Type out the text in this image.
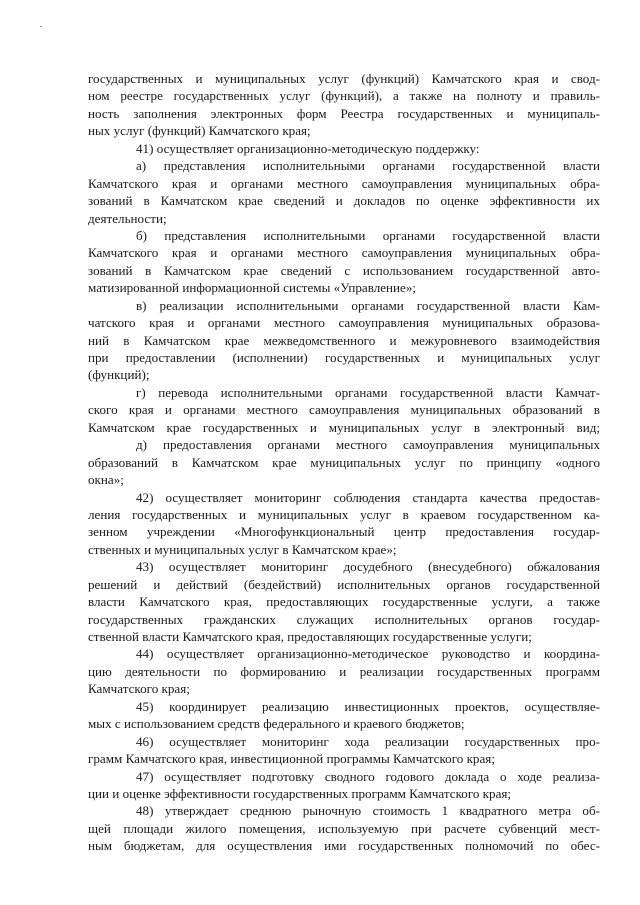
государственных и муниципальных услуг (функций) Камчатского края и свод-
ном реестре государственных услуг (функций), а также на полноту и правиль-
ность заполнения электронных форм Реестра государственных и муниципаль-
ных услуг (функций) Камчатского края;
41) осуществляет организационно-методическую поддержку:
а) представления исполнительными органами государственной власти
Камчатского края и органами местного самоуправления муниципальных обра-
зований в Камчатском крае сведений и докладов по оценке эффективности их
деятельности;
б) представления исполнительными органами государственной власти
Камчатского края и органами местного самоуправления муниципальных обра-
зований в Камчатском крае сведений с использованием государственной авто-
матизированной информационной системы «Управление»;
в) реализации исполнительными органами государственной власти Кам-
чатского края и органами местного самоуправления муниципальных образова-
ний в Камчатском крае межведомственного и межуровневого взаимодействия
при предоставлении (исполнении) государственных и муниципальных услуг
(функций);
г) перевода исполнительными органами государственной власти Камчат-
ского края и органами местного самоуправления муниципальных образований в
Камчатском крае государственных и муниципальных услуг в электронный вид;
д) предоставления органами местного самоуправления муниципальных
образований в Камчатском крае муниципальных услуг по принципу «одного
окна»;
42) осуществляет мониторинг соблюдения стандарта качества предостав-
ления государственных и муниципальных услуг в краевом государственном ка-
зенном учреждении «Многофункциональный центр предоставления государ-
ственных и муниципальных услуг в Камчатском крае»;
43) осуществляет мониторинг досудебного (внесудебного) обжалования
решений и действий (бездействий) исполнительных органов государственной
власти Камчатского края, предоставляющих государственные услуги, а также
государственных гражданских служащих исполнительных органов государ-
ственной власти Камчатского края, предоставляющих государственные услуги;
44) осуществляет организационно-методическое руководство и координа-
цию деятельности по формированию и реализации государственных программ
Камчатского края;
45) координирует реализацию инвестиционных проектов, осуществляе-
мых с использованием средств федерального и краевого бюджетов;
46) осуществляет мониторинг хода реализации государственных про-
грамм Камчатского края, инвестиционной программы Камчатского края;
47) осуществляет подготовку сводного годового доклада о ходе реализа-
ции и оценке эффективности государственных программ Камчатского края;
48) утверждает среднюю рыночную стоимость 1 квадратного метра об-
щей площади жилого помещения, используемую при расчете субвенций мест-
ным бюджетам, для осуществления ими государственных полномочий по обес-
